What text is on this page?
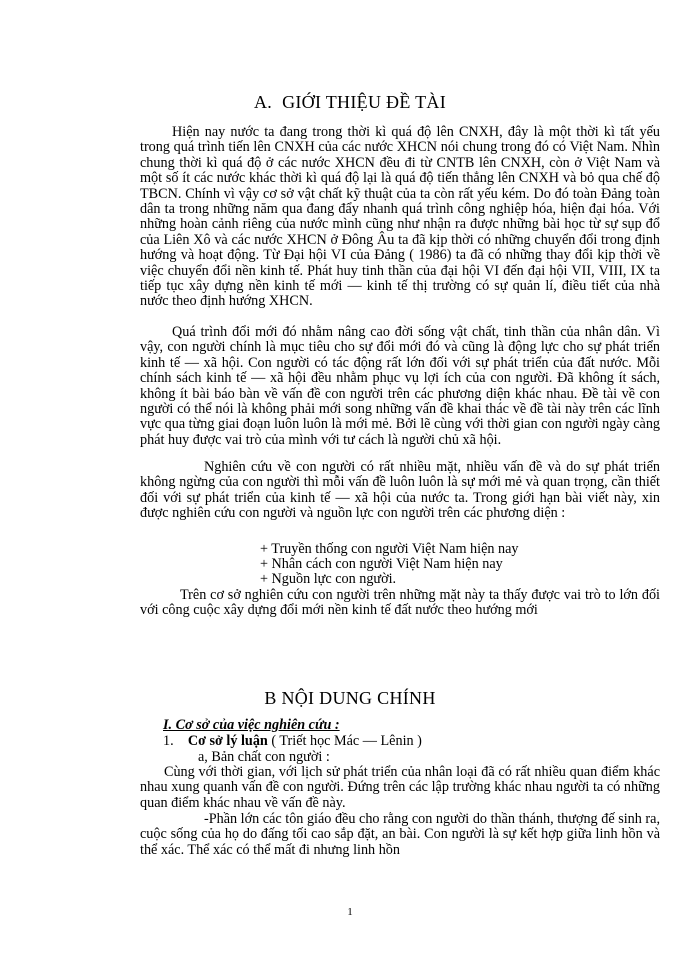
A. GIỚI THIỆU ĐỀ TÀI

Hiện nay nước ta đang trong thời kì quá độ lên CNXH, đây là một thời kì tất yếu trong quá trình tiến lên CNXH của các nước XHCN nói chung trong đó có Việt Nam. Nhìn chung thời kì quá độ ở các nước XHCN đều đi từ CNTB lên CNXH, còn ở Việt Nam và một số ít các nước khác thời kì quá độ lại là quá độ tiến thẳng lên CNXH và bỏ qua chế độ TBCN. Chính vì vậy cơ sở vật chất kỹ thuật của ta còn rất yếu kém. Do đó toàn Đảng toàn dân ta trong những năm qua đang đẩy nhanh quá trình công nghiệp hóa, hiện đại hóa. Với những hoàn cảnh riêng của nước mình cũng như nhận ra được những bài học từ sự sụp đổ của Liên Xô và các nước XHCN ở Đông Âu ta đã kịp thời có những chuyển đổi trong định hướng và hoạt động. Từ Đại hội VI của Đảng ( 1986) ta đã có những thay đổi kịp thời về việc chuyển đổi nền kinh tế. Phát huy tinh thần của đại hội VI đến đại hội VII, VIII, IX ta tiếp tục xây dựng nền kinh tế mới — kinh tế thị trường có sự quản lí, điều tiết của nhà nước theo định hướng XHCN.

Quá trình đổi mới đó nhằm nâng cao đời sống vật chất, tinh thần của nhân dân. Vì vậy, con người chính là mục tiêu cho sự đổi mới đó và cũng là động lực cho sự phát triển kinh tế — xã hội. Con người có tác động rất lớn đối với sự phát triển của đất nước. Mỗi chính sách kinh tế — xã hội đều nhằm phục vụ lợi ích của con người. Đã không ít sách, không ít bài báo bàn về vấn đề con người trên các phương diện khác nhau. Đề tài về con người có thể nói là không phải mới song những vấn đề khai thác về đề tài này trên các lĩnh vực qua từng giai đoạn luôn luôn là mới mẻ. Bởi lẽ cùng với thời gian con người ngày càng phát huy được vai trò của mình với tư cách là người chủ xã hội.

Nghiên cứu về con người có rất nhiều mặt, nhiều vấn đề và do sự phát triển không ngừng của con người thì mỗi vấn đề luôn luôn là sự mới mẻ và quan trọng, cần thiết đối với sự phát triển của kinh tế — xã hội của nước ta. Trong giới hạn bài viết này, xin được nghiên cứu con người và nguồn lực con người trên các phương diện :

+ Truyền thống con người Việt Nam hiện nay
+ Nhân cách con người Việt Nam hiện nay
+ Nguồn lực con người.

Trên cơ sở nghiên cứu con người trên những mặt này ta thấy được vai trò to lớn đối với công cuộc xây dựng đổi mới nền kinh tế đất nước theo hướng mới

B NỘI DUNG CHÍNH
I. Cơ sở của việc nghiên cứu :
1. Cơ sở lý luận ( Triết học Mác — Lênin )
a, Bản chất con người :

Cùng với thời gian, với lịch sử phát triển của nhân loại đã có rất nhiều quan điểm khác nhau xung quanh vấn đề con người. Đứng trên các lập trường khác nhau người ta có những quan điểm khác nhau về vấn đề này.

-Phần lớn các tôn giáo đều cho rằng con người do thần thánh, thượng đế sinh ra, cuộc sống của họ do đấng tối cao sắp đặt, an bài. Con người là sự kết hợp giữa linh hồn và thể xác. Thể xác có thể mất đi nhưng linh hồn

1
